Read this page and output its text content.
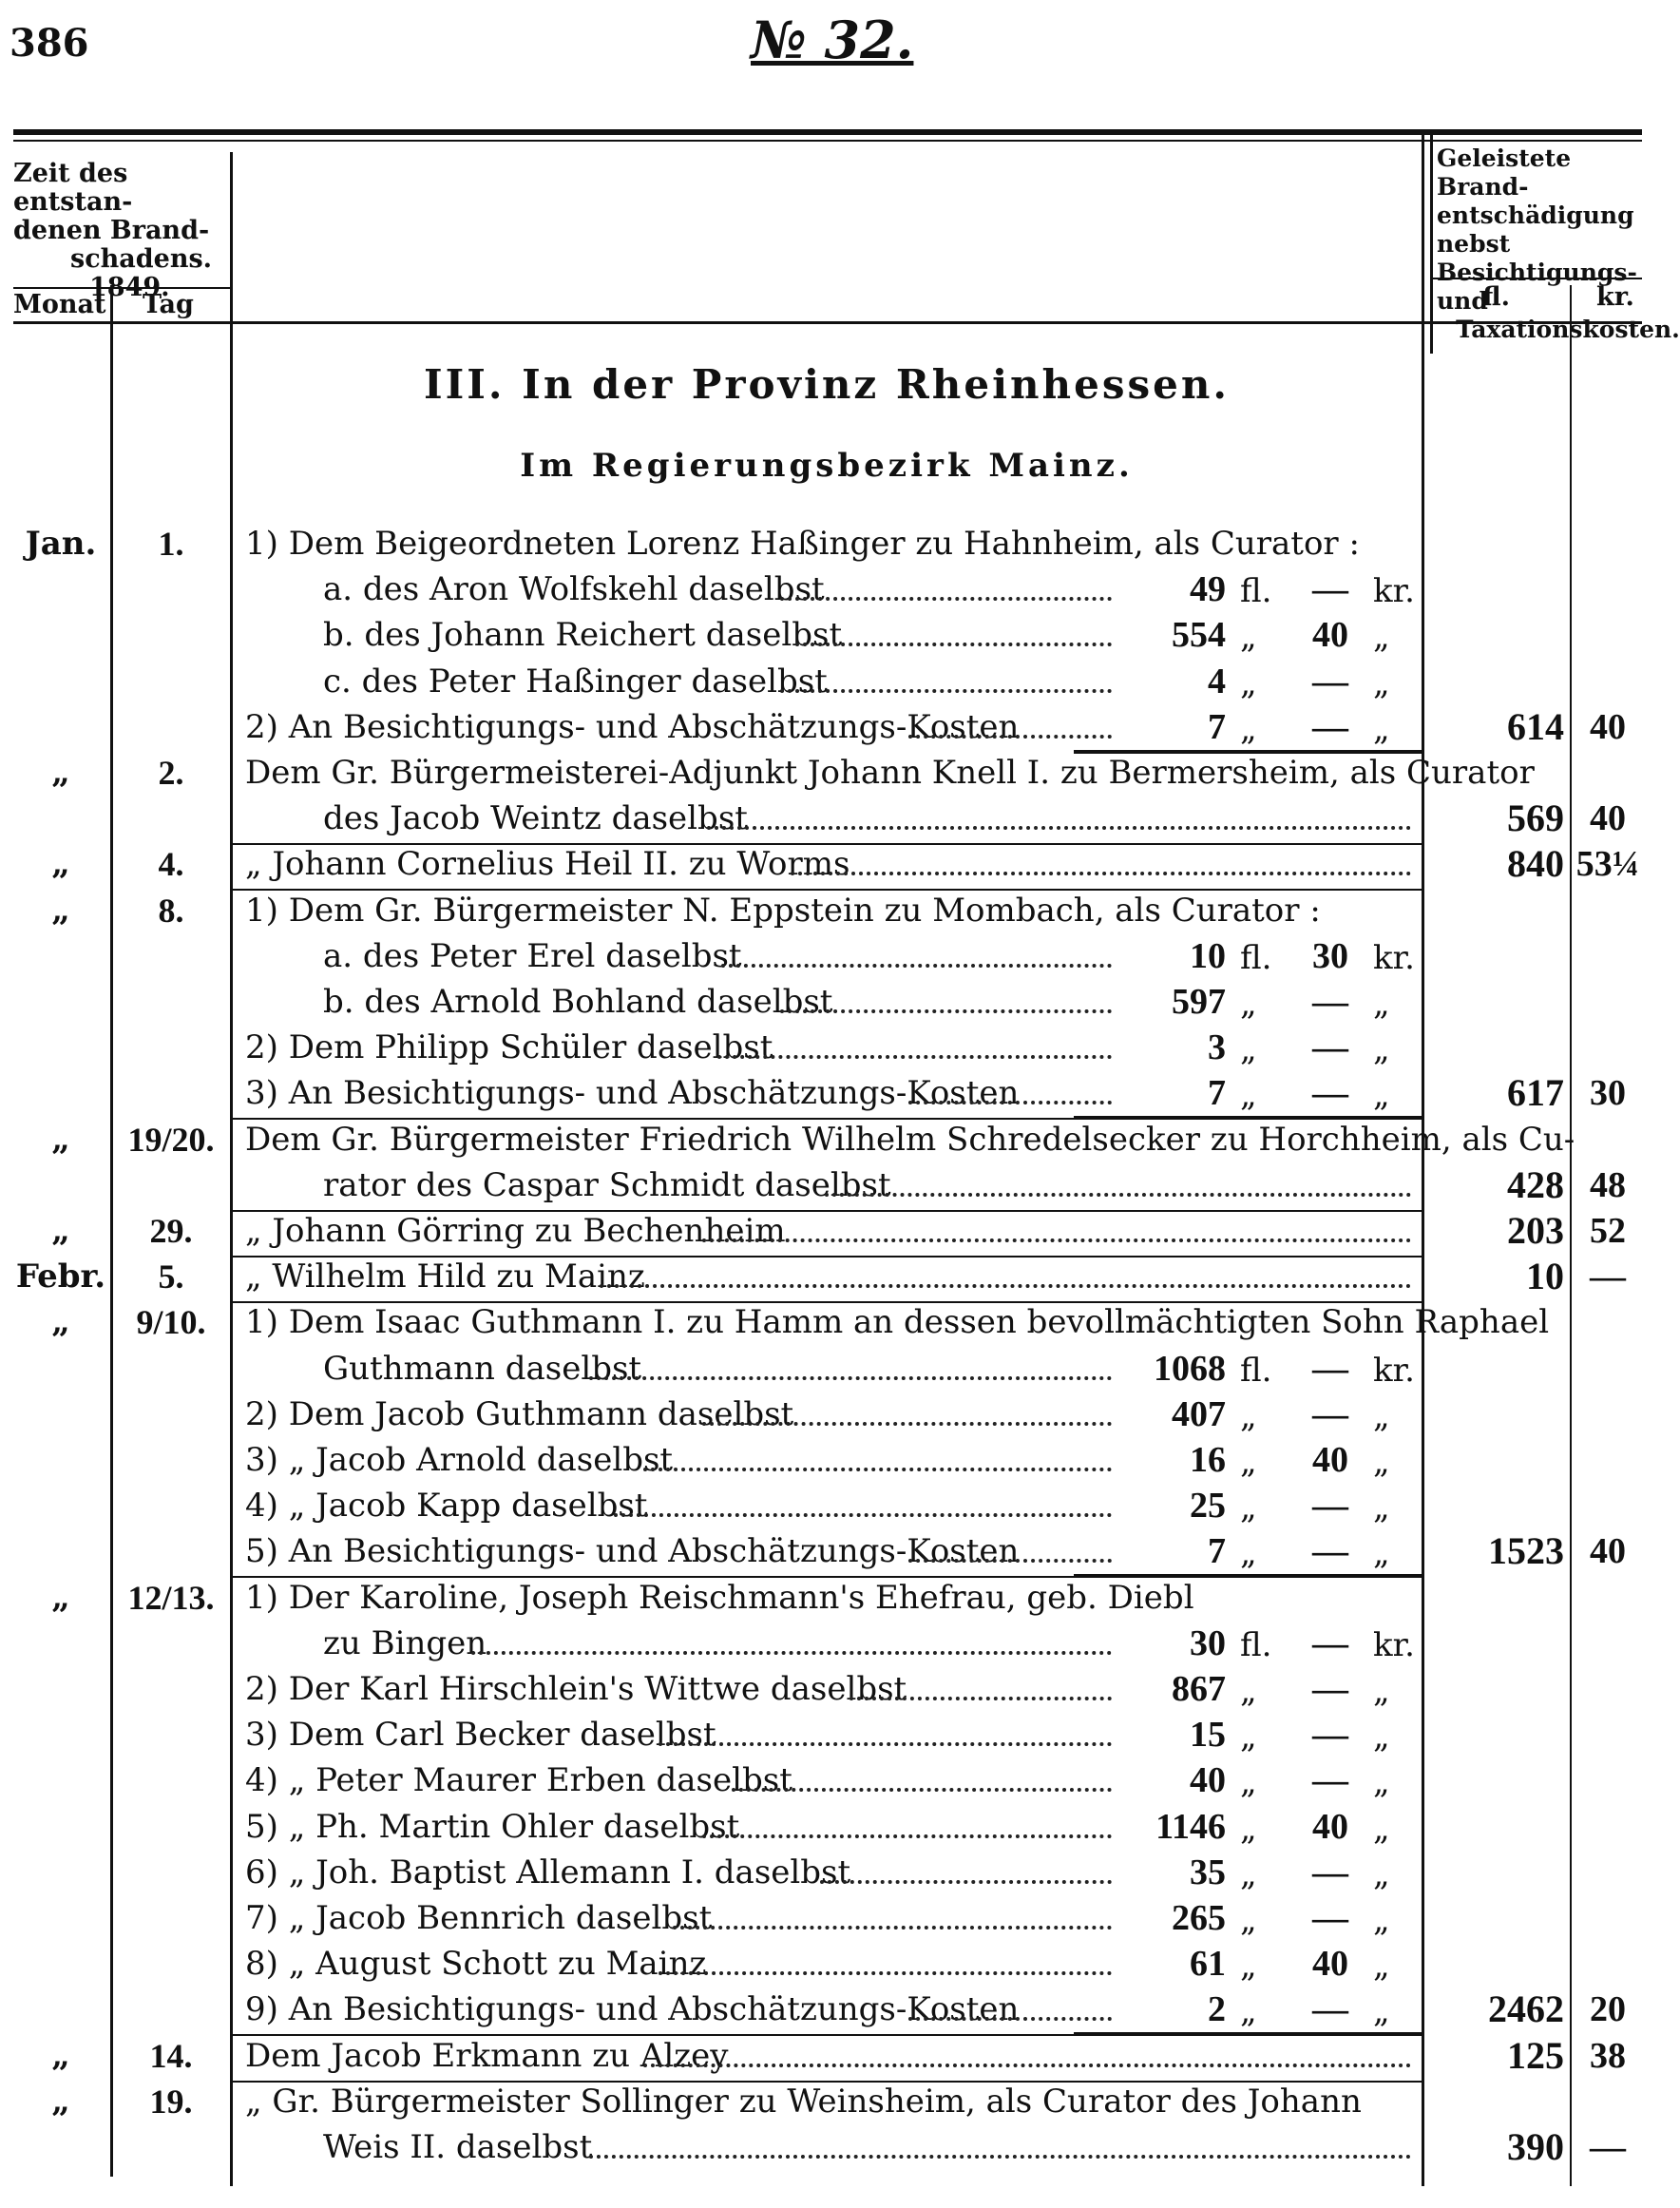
386	№ 32.
Zeit des entstan-
denen Brand-
schadens.
1849.
Monat Tag
Geleistete Brand-
entschädigung nebst
Besichtigungs- und
Taxationskosten.
fl.	kr.
III. In der Provinz Rheinhessen.
Im Regierungsbezirk Mainz.
Jan.	1.	1) Dem Beigeordneten Lorenz Haßinger zu Hahnheim, als Curator :
a. des Aron Wolfskehl daselbst	49 fl.	— kr.
b. des Johann Reichert daselbst	554 „	40 „
c. des Peter Haßinger daselbst	4 „	— „
2) An Besichtigungs- und Abschätzungs-Kosten	7 „	— „	614 40
„	2.	Dem Gr. Bürgermeisterei-Adjunkt Johann Knell I. zu Bermersheim, als Curator
des Jacob Weintz daselbst	569 40
„	4.	„ Johann Cornelius Heil II. zu Worms	840 53¼
„	8.	1) Dem Gr. Bürgermeister N. Eppstein zu Mombach, als Curator :
a. des Peter Erel daselbst	10 fl.	30 kr.
b. des Arnold Bohland daselbst	597 „	— „
2) Dem Philipp Schüler daselbst	3 „	— „
3) An Besichtigungs- und Abschätzungs-Kosten	7 „	— „	617 30
„	19/20. Dem Gr. Bürgermeister Friedrich Wilhelm Schredelsecker zu Horchheim, als Cu-
rator des Caspar Schmidt daselbst	428 48
„	29.	„ Johann Görring zu Bechenheim	203 52
Febr.	5.	„ Wilhelm Hild zu Mainz	10 —
„	9/10.	1) Dem Isaac Guthmann I. zu Hamm an dessen bevollmächtigten Sohn Raphael
Guthmann daselbst	1068 fl.	— kr.
2) Dem Jacob Guthmann daselbst	407 „	— „
3) „ Jacob Arnold daselbst	16 „	40 „
4) „ Jacob Kapp daselbst	25 „	— „
5) An Besichtigungs- und Abschätzungs-Kosten	7 „	— „	1523 40
„	12/13. 1) Der Karoline, Joseph Reischmann's Ehefrau, geb. Diebl
zu Bingen	30 fl.	— kr.
2) Der Karl Hirschlein's Wittwe daselbst	867 „	— „
3) Dem Carl Becker daselbst	15 „	— „
4) „ Peter Maurer Erben daselbst	40 „	— „
5) „ Ph. Martin Ohler daselbst	1146 „	40 „
6) „ Joh. Baptist Allemann I. daselbst	35 „	— „
7) „ Jacob Bennrich daselbst	265 „	— „
8) „ August Schott zu Mainz	61 „	40 „
9) An Besichtigungs- und Abschätzungs-Kosten	2 „	— „	2462 20
„	14.	Dem Jacob Erkmann zu Alzey	125 38
„	19.	„ Gr. Bürgermeister Sollinger zu Weinsheim, als Curator des Johann
Weis II. daselbst	390 —
